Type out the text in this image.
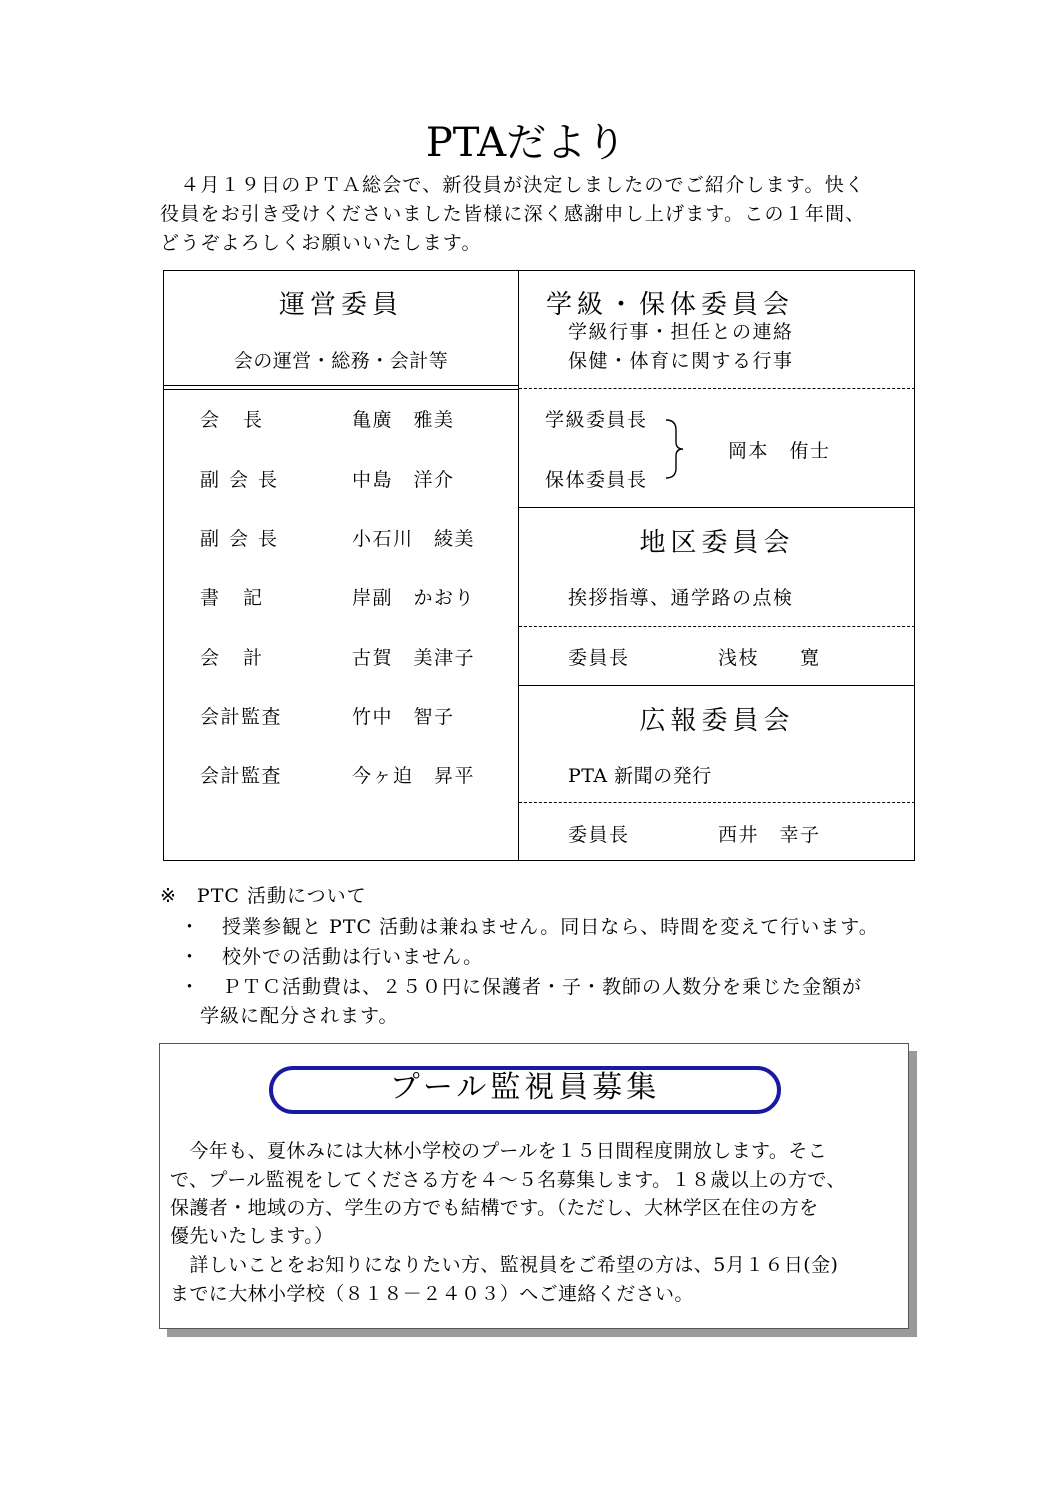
PTAだより
　４月１９日のＰＴＡ総会で、新役員が決定しましたのでご紹介します。快く
役員をお引き受けくださいました皆様に深く感謝申し上げます。この１年間、
どうぞよろしくお願いいたします。
運営委員
会の運営・総務・会計等
会長	亀廣　雅美
副会長	中島　洋介
副会長	小石川　綾美
書記	岸副　かおり
会計	古賀　美津子
会計監査	竹中　智子
会計監査	今ヶ迫　昇平
学級・保体委員会
学級行事・担任との連絡
保健・体育に関する行事
学級委員長
保体委員長
岡本　侑士
地区委員会
挨拶指導、通学路の点検
委員長	浅枝　　寛
広報委員会
PTA 新聞の発行
委員長	西井　幸子
※　PTC 活動について
・ 授業参観と PTC 活動は兼ねません。同日なら、時間を変えて行います。
・ 校外での活動は行いません。
・ ＰＴＣ活動費は、２５０円に保護者・子・教師の人数分を乗じた金額が
学級に配分されます。
プール監視員募集
　今年も、夏休みには大林小学校のプールを１５日間程度開放します。そこ
で、プール監視をしてくださる方を４～５名募集します。１８歳以上の方で、
保護者・地域の方、学生の方でも結構です。（ただし、大林学区在住の方を
優先いたします。）
　詳しいことをお知りになりたい方、監視員をご希望の方は、5月１６日(金)
までに大林小学校（８１８－２４０３）へご連絡ください。
